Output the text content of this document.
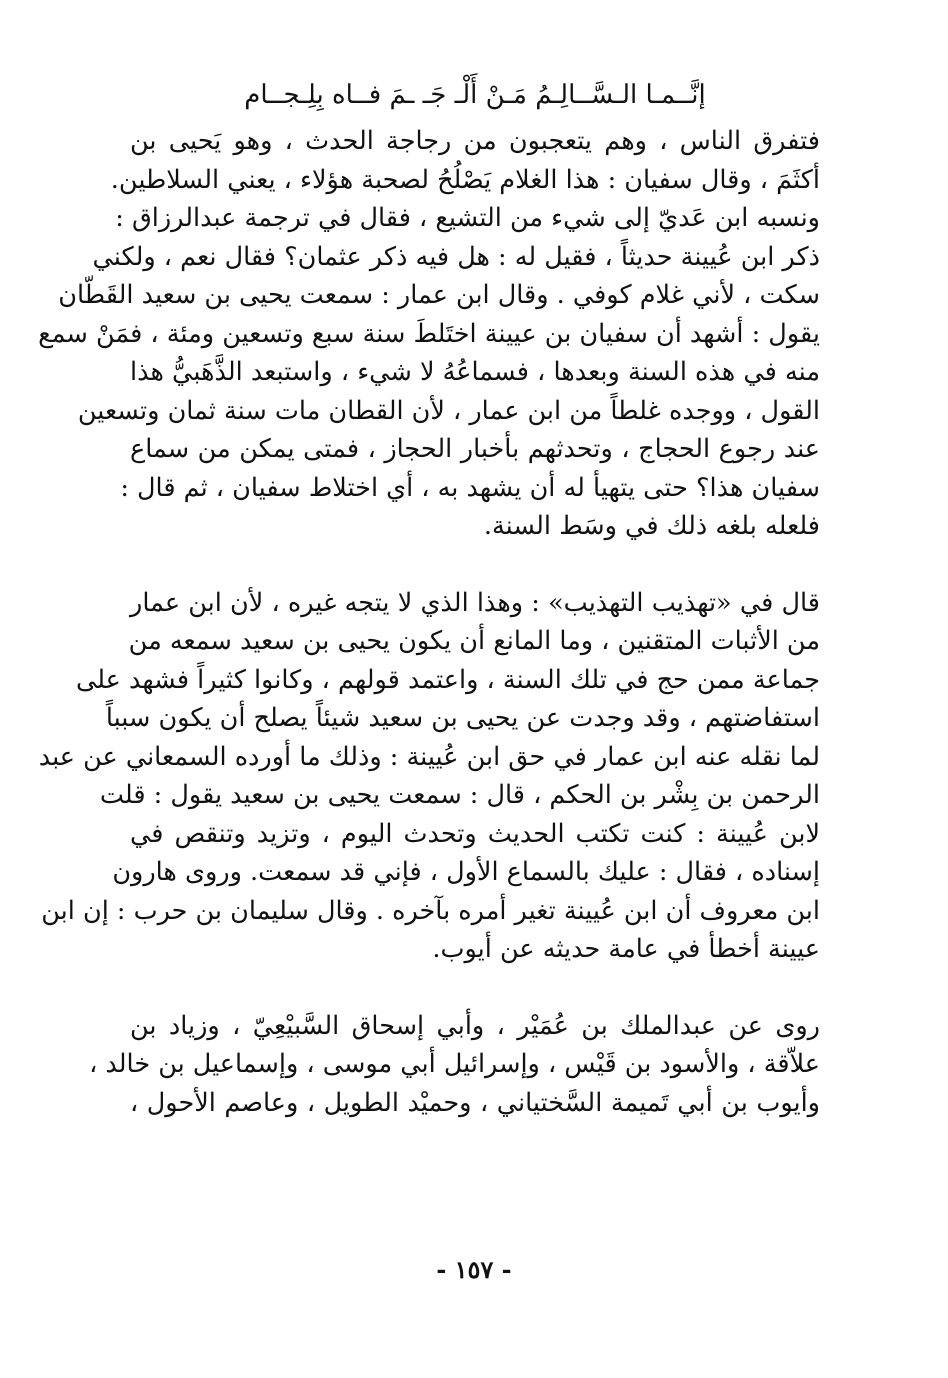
إنَّــمـا الـسَّــالِـمُ مَـنْ أَلْـ جَـ ـمَ فــاه بِلِـجــام
فتفرق الناس ، وهم يتعجبون من رجاجة الحدث ، وهو يَحيى بن
أكثَمَ ، وقال سفيان : هذا الغلام يَصْلُحُ لصحبة هؤلاء ، يعني السلاطين.
ونسبه ابن عَديّ إلى شيء من التشيع ، فقال في ترجمة عبدالرزاق :
ذكر ابن عُيينة حديثاً ، فقيل له : هل فيه ذكر عثمان؟ فقال نعم ، ولكني
سكت ، لأني غلام كوفي . وقال ابن عمار : سمعت يحيى بن سعيد القَطّان
يقول : أشهد أن سفيان بن عيينة اختَلطَ سنة سبع وتسعين ومئة ، فمَنْ سمع
منه في هذه السنة وبعدها ، فسماعُهُ لا شيء ، واستبعد الذَّهَبيُّ هذا
القول ، ووجده غلطاً من ابن عمار ، لأن القطان مات سنة ثمان وتسعين
عند رجوع الحجاج ، وتحدثهم بأخبار الحجاز ، فمتى يمكن من سماع
سفيان هذا؟ حتى يتهيأ له أن يشهد به ، أي اختلاط سفيان ، ثم قال :
فلعله بلغه ذلك في وسَط السنة.
قال في «تهذيب التهذيب» : وهذا الذي لا يتجه غيره ، لأن ابن عمار
من الأثبات المتقنين ، وما المانع أن يكون يحيى بن سعيد سمعه من
جماعة ممن حج في تلك السنة ، واعتمد قولهم ، وكانوا كثيراً فشهد على
استفاضتهم ، وقد وجدت عن يحيى بن سعيد شيئاً يصلح أن يكون سبباً
لما نقله عنه ابن عمار في حق ابن عُيينة : وذلك ما أورده السمعاني عن عبد
الرحمن بن بِشْر بن الحكم ، قال : سمعت يحيى بن سعيد يقول : قلت
لابن عُيينة : كنت تكتب الحديث وتحدث اليوم ، وتزيد وتنقص في
إسناده ، فقال : عليك بالسماع الأول ، فإني قد سمعت. وروى هارون
ابن معروف أن ابن عُيينة تغير أمره بآخره . وقال سليمان بن حرب : إن ابن
عيينة أخطأ في عامة حديثه عن أيوب.
روى عن عبدالملك بن عُمَيْر ، وأبي إسحاق السَّبيْعِيّ ، وزياد بن
علاّقة ، والأسود بن قَيْس ، وإسرائيل أبي موسى ، وإسماعيل بن خالد ،
وأيوب بن أبي تَميمة السَّختياني ، وحميْد الطويل ، وعاصم الأحول ،
- ١٥٧ -
